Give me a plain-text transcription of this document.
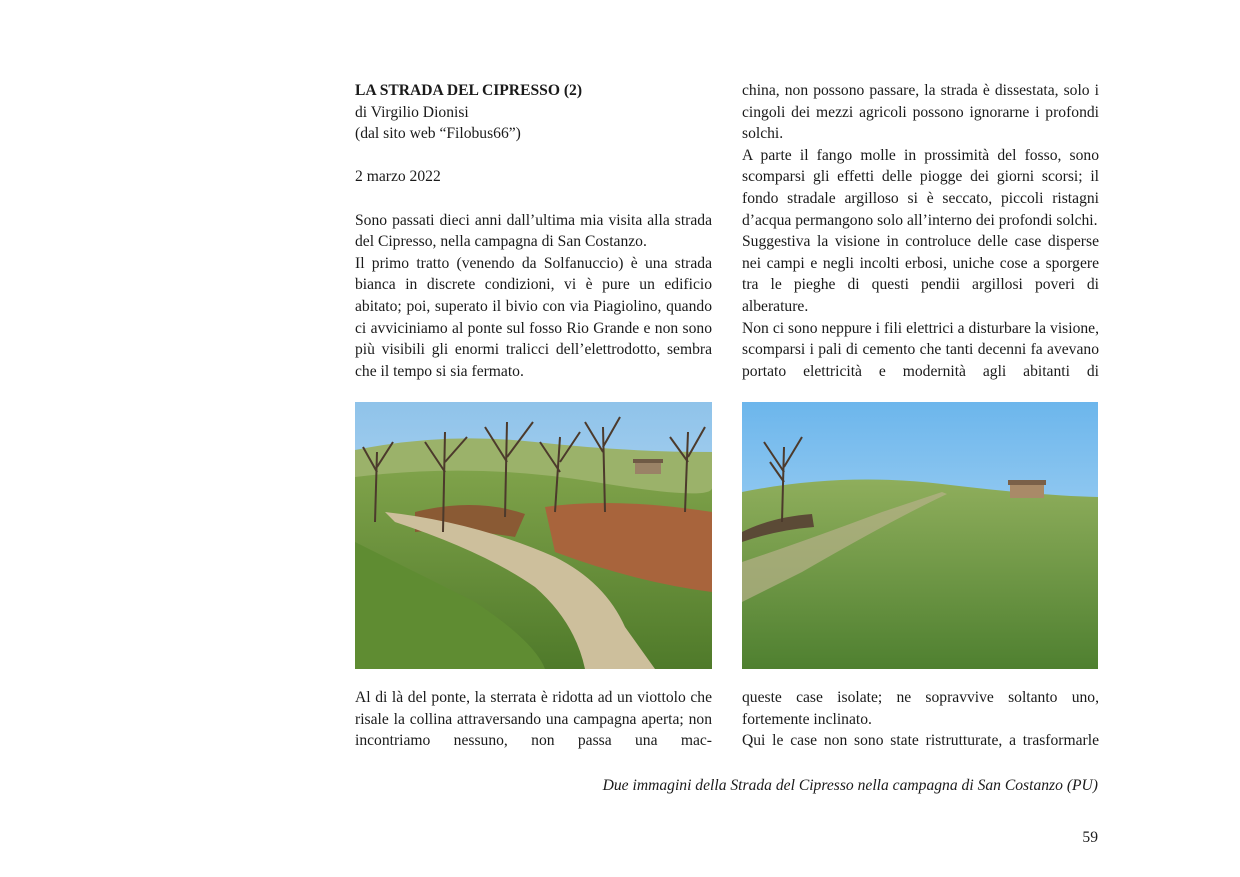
LA STRADA DEL CIPRESSO (2)

di Virgilio Dionisi

(dal sito web “Filobus66”)

2 marzo 2022

Sono passati dieci anni dall’ultima mia visita alla strada del Cipresso, nella campagna di San Costanzo.

Il primo tratto (venendo da Solfanuccio) è una strada bianca in discrete condizioni, vi è pure un edificio abitato; poi, superato il bivio con via Piagiolino, quando ci avviciniamo al ponte sul fosso Rio Grande e non sono più visibili gli enormi tralicci dell’elettrodotto, sembra che il tempo si sia fermato.

china, non possono passare, la strada è dissestata, solo i cingoli dei mezzi agricoli possono ignorarne i profondi solchi.

A parte il fango molle in prossimità del fosso, sono scomparsi gli effetti delle piogge dei giorni scorsi; il fondo stradale argilloso si è seccato, piccoli ristagni d’acqua permangono solo all’interno dei profondi solchi.

Suggestiva la visione in controluce delle case disperse nei campi e negli incolti erbosi, uniche cose a sporgere tra le pieghe di questi pendii argillosi poveri di alberature.

Non ci sono neppure i fili elettrici a disturbare la visione, scomparsi i pali di cemento che tanti decenni fa avevano portato elettricità e modernità agli abitanti di

Al di là del ponte, la sterrata è ridotta ad un viottolo che risale la collina attraversando una campagna aperta; non incontriamo nessuno, non passa una mac-

queste case isolate; ne sopravvive soltanto uno, fortemente inclinato.

Qui le case non sono state ristrutturate, a trasformarle

Due immagini della Strada del Cipresso nella campagna di San Costanzo (PU)
59
